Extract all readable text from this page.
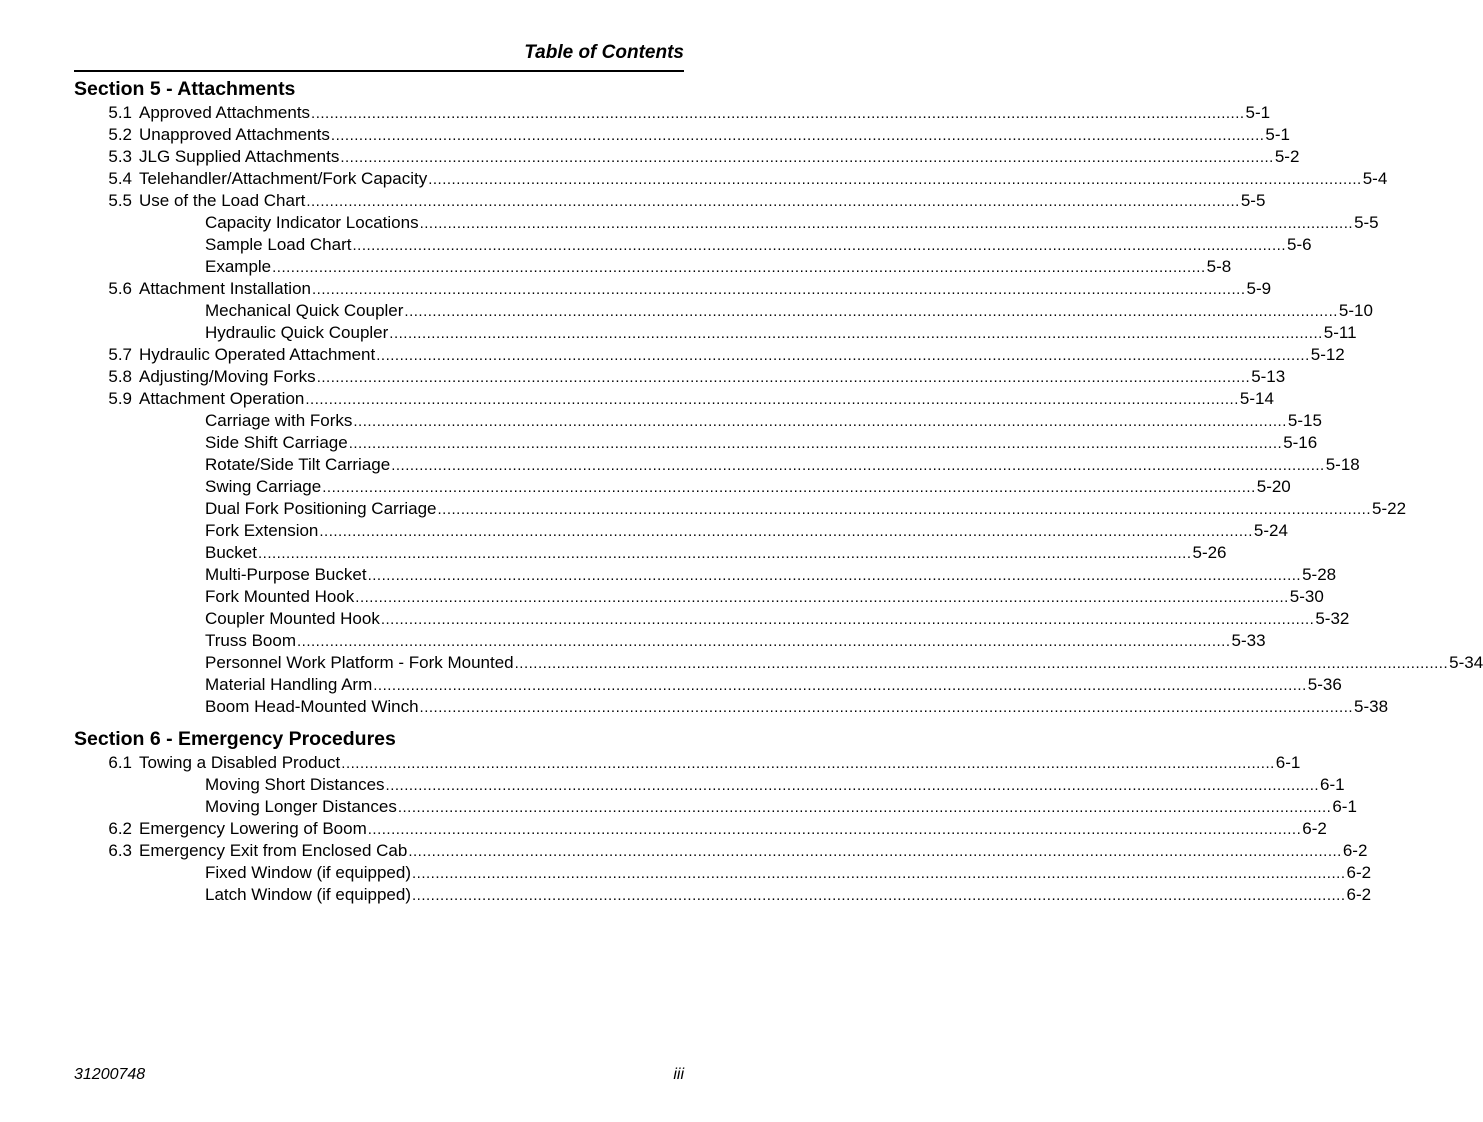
Table of Contents
Section 5 - Attachments
5.1 Approved Attachments ........................................................................................................................................................................................................ 5-1
5.2 Unapproved Attachments ........................................................................................................................................................................................................ 5-1
5.3 JLG Supplied Attachments ........................................................................................................................................................................................................ 5-2
5.4 Telehandler/Attachment/Fork Capacity ........................................................................................................................................................................................................ 5-4
5.5 Use of the Load Chart ........................................................................................................................................................................................................ 5-5
Capacity Indicator Locations ........................................................................................................................................................................................................ 5-5
Sample Load Chart ........................................................................................................................................................................................................ 5-6
Example ........................................................................................................................................................................................................ 5-8
5.6 Attachment Installation ........................................................................................................................................................................................................ 5-9
Mechanical Quick Coupler ........................................................................................................................................................................................................ 5-10
Hydraulic Quick Coupler ........................................................................................................................................................................................................ 5-11
5.7 Hydraulic Operated Attachment ........................................................................................................................................................................................................ 5-12
5.8 Adjusting/Moving Forks ........................................................................................................................................................................................................ 5-13
5.9 Attachment Operation ........................................................................................................................................................................................................ 5-14
Carriage with Forks ........................................................................................................................................................................................................ 5-15
Side Shift Carriage ........................................................................................................................................................................................................ 5-16
Rotate/Side Tilt Carriage ........................................................................................................................................................................................................ 5-18
Swing Carriage ........................................................................................................................................................................................................ 5-20
Dual Fork Positioning Carriage ........................................................................................................................................................................................................ 5-22
Fork Extension ........................................................................................................................................................................................................ 5-24
Bucket ........................................................................................................................................................................................................ 5-26
Multi-Purpose Bucket ........................................................................................................................................................................................................ 5-28
Fork Mounted Hook ........................................................................................................................................................................................................ 5-30
Coupler Mounted Hook ........................................................................................................................................................................................................ 5-32
Truss Boom ........................................................................................................................................................................................................ 5-33
Personnel Work Platform - Fork Mounted ........................................................................................................................................................................................................ 5-34
Material Handling Arm ........................................................................................................................................................................................................ 5-36
Boom Head-Mounted Winch ........................................................................................................................................................................................................ 5-38
Section 6 - Emergency Procedures
6.1 Towing a Disabled Product ........................................................................................................................................................................................................ 6-1
Moving Short Distances ........................................................................................................................................................................................................ 6-1
Moving Longer Distances ........................................................................................................................................................................................................ 6-1
6.2 Emergency Lowering of Boom ........................................................................................................................................................................................................ 6-2
6.3 Emergency Exit from Enclosed Cab ........................................................................................................................................................................................................ 6-2
Fixed Window (if equipped) ........................................................................................................................................................................................................ 6-2
Latch Window (if equipped) ........................................................................................................................................................................................................ 6-2
31200748	iii
